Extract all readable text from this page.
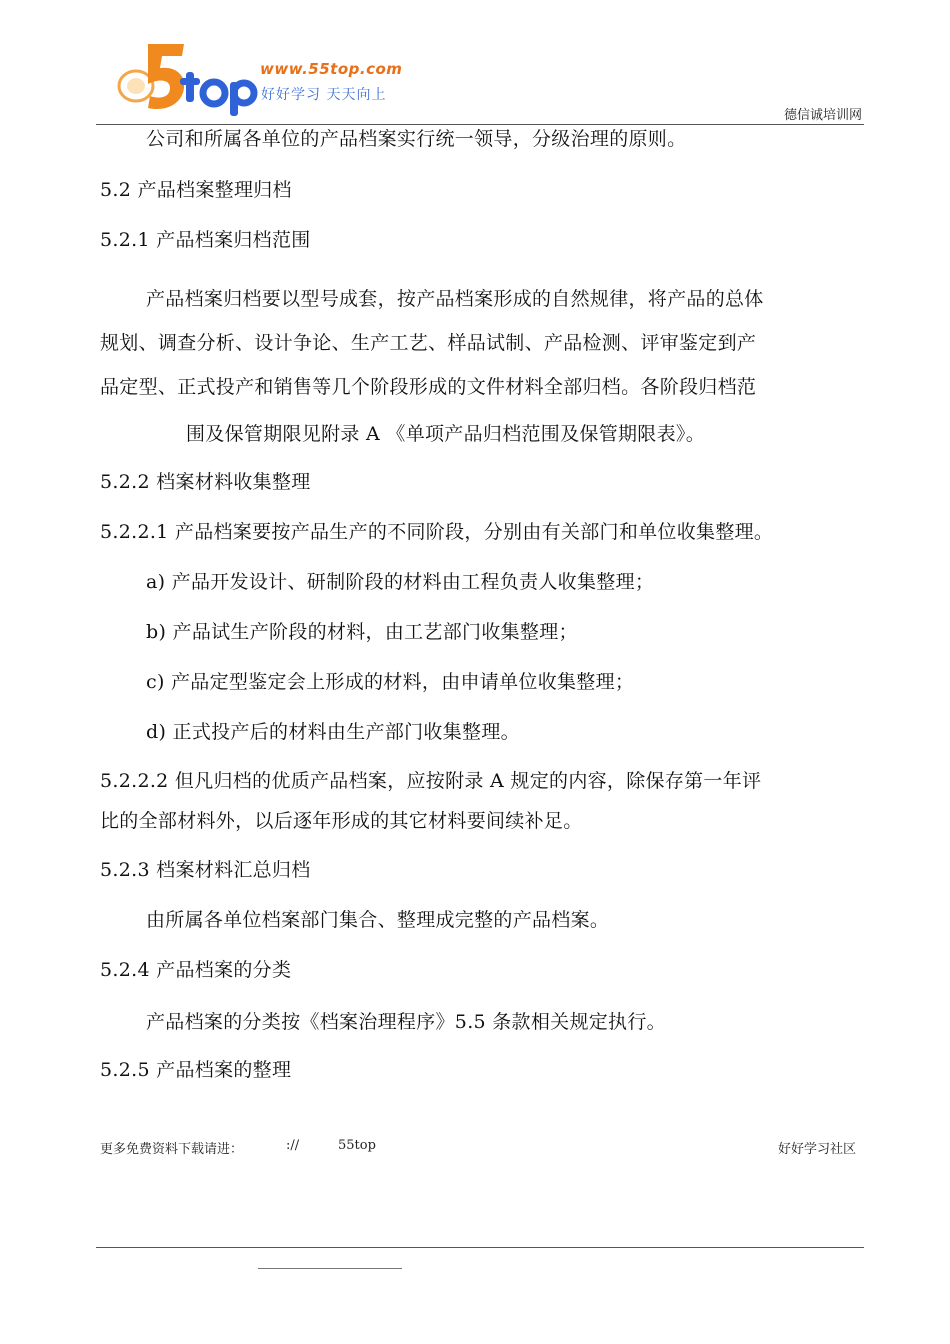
www.55top.com
好好学习 天天向上
德信诚培训网
公司和所属各单位的产品档案实行统一领导，分级治理的原则。
5.2 产品档案整理归档
5.2.1 产品档案归档范围
产品档案归档要以型号成套，按产品档案形成的自然规律，将产品的总体
规划、调查分析、设计争论、生产工艺、样品试制、产品检测、评审鉴定到产
品定型、正式投产和销售等几个阶段形成的文件材料全部归档。各阶段归档范
围及保管期限见附录 A 《单项产品归档范围及保管期限表》。
5.2.2 档案材料收集整理
5.2.2.1 产品档案要按产品生产的不同阶段，分别由有关部门和单位收集整理。
a) 产品开发设计、研制阶段的材料由工程负责人收集整理；
b) 产品试生产阶段的材料，由工艺部门收集整理；
c) 产品定型鉴定会上形成的材料，由申请单位收集整理；
d) 正式投产后的材料由生产部门收集整理。
5.2.2.2 但凡归档的优质产品档案，应按附录 A 规定的内容，除保存第一年评
比的全部材料外，以后逐年形成的其它材料要间续补足。
5.2.3 档案材料汇总归档
由所属各单位档案部门集合、整理成完整的产品档案。
5.2.4 产品档案的分类
产品档案的分类按《档案治理程序》5.5 条款相关规定执行。
5.2.5 产品档案的整理
更多免费资料下载请进：	://	55top	好好学习社区
